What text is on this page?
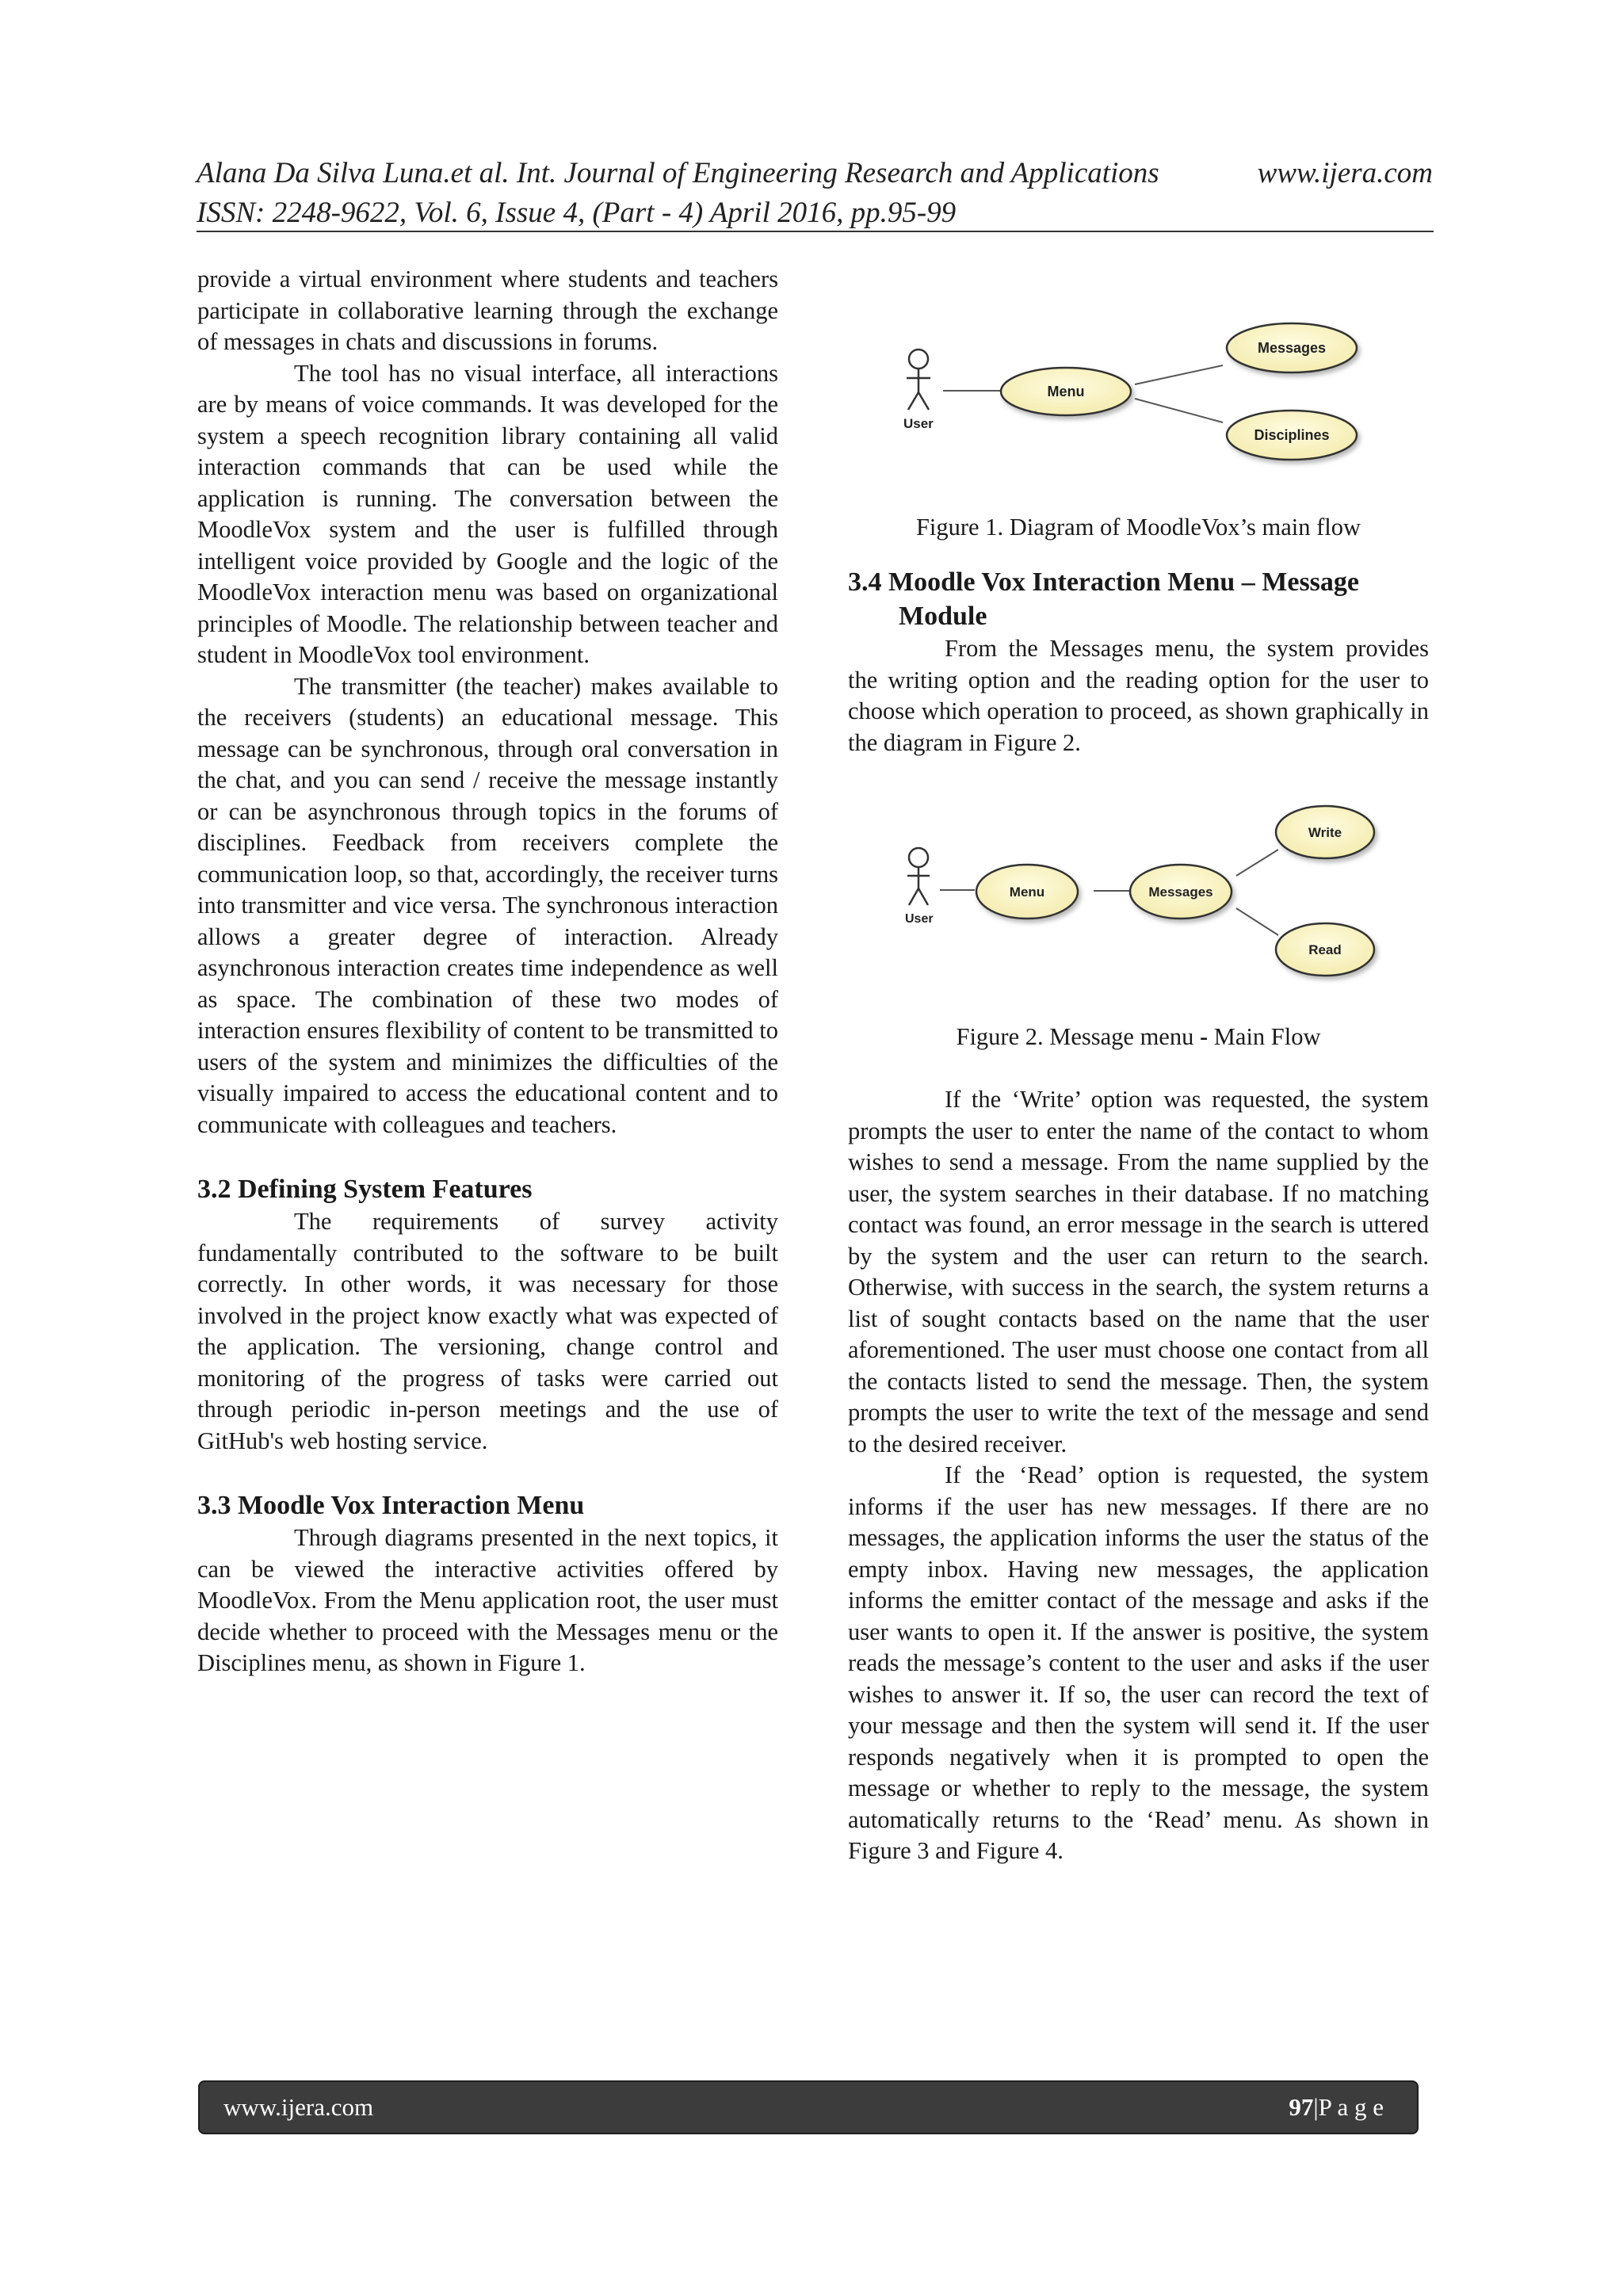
Alana Da Silva Luna.et al. Int. Journal of Engineering Research and Applications	www.ijera.com
ISSN: 2248-9622, Vol. 6, Issue 4, (Part - 4) April 2016, pp.95-99

provide a virtual environment where students and teachers participate in collaborative learning through the exchange of messages in chats and discussions in forums.

The tool has no visual interface, all interactions are by means of voice commands. It was developed for the system a speech recognition library containing all valid interaction commands that can be used while the application is running. The conversation between the MoodleVox system and the user is fulfilled through intelligent voice provided by Google and the logic of the MoodleVox interaction menu was based on organizational principles of Moodle. The relationship between teacher and student in MoodleVox tool environment.

The transmitter (the teacher) makes available to the receivers (students) an educational message. This message can be synchronous, through oral conversation in the chat, and you can send / receive the message instantly or can be asynchronous through topics in the forums of disciplines. Feedback from receivers complete the communication loop, so that, accordingly, the receiver turns into transmitter and vice versa. The synchronous interaction allows a greater degree of interaction. Already asynchronous interaction creates time independence as well as space. The combination of these two modes of interaction ensures flexibility of content to be transmitted to users of the system and minimizes the difficulties of the visually impaired to access the educational content and to communicate with colleagues and teachers.

3.2 Defining System Features

The requirements of survey activity fundamentally contributed to the software to be built correctly. In other words, it was necessary for those involved in the project know exactly what was expected of the application. The versioning, change control and monitoring of the progress of tasks were carried out through periodic in-person meetings and the use of GitHub's web hosting service.

3.3 Moodle Vox Interaction Menu

Through diagrams presented in the next topics, it can be viewed the interactive activities offered by MoodleVox. From the Menu application root, the user must decide whether to proceed with the Messages menu or the Disciplines menu, as shown in Figure 1.

User
Menu
Messages
Disciplines
Figure 1. Diagram of MoodleVox’s main flow
3.4 Moodle Vox Interaction Menu – Message
Module

From the Messages menu, the system provides the writing option and the reading option for the user to choose which operation to proceed, as shown graphically in the diagram in Figure 2.

User
Menu	Messages
Write
Read
Figure 2. Message menu - Main Flow

If the ‘Write’ option was requested, the system prompts the user to enter the name of the contact to whom wishes to send a message. From the name supplied by the user, the system searches in their database. If no matching contact was found, an error message in the search is uttered by the system and the user can return to the search. Otherwise, with success in the search, the system returns a list of sought contacts based on the name that the user aforementioned. The user must choose one contact from all the contacts listed to send the message. Then, the system prompts the user to write the text of the message and send to the desired receiver.

If the ‘Read’ option is requested, the system informs if the user has new messages. If there are no messages, the application informs the user the status of the empty inbox. Having new messages, the application informs the emitter contact of the message and asks if the user wants to open it. If the answer is positive, the system reads the message’s content to the user and asks if the user wishes to answer it. If so, the user can record the text of your message and then the system will send it. If the user responds negatively when it is prompted to open the message or whether to reply to the message, the system automatically returns to the ‘Read’ menu. As shown in Figure 3 and Figure 4.

www.ijera.com	97|P a g e
